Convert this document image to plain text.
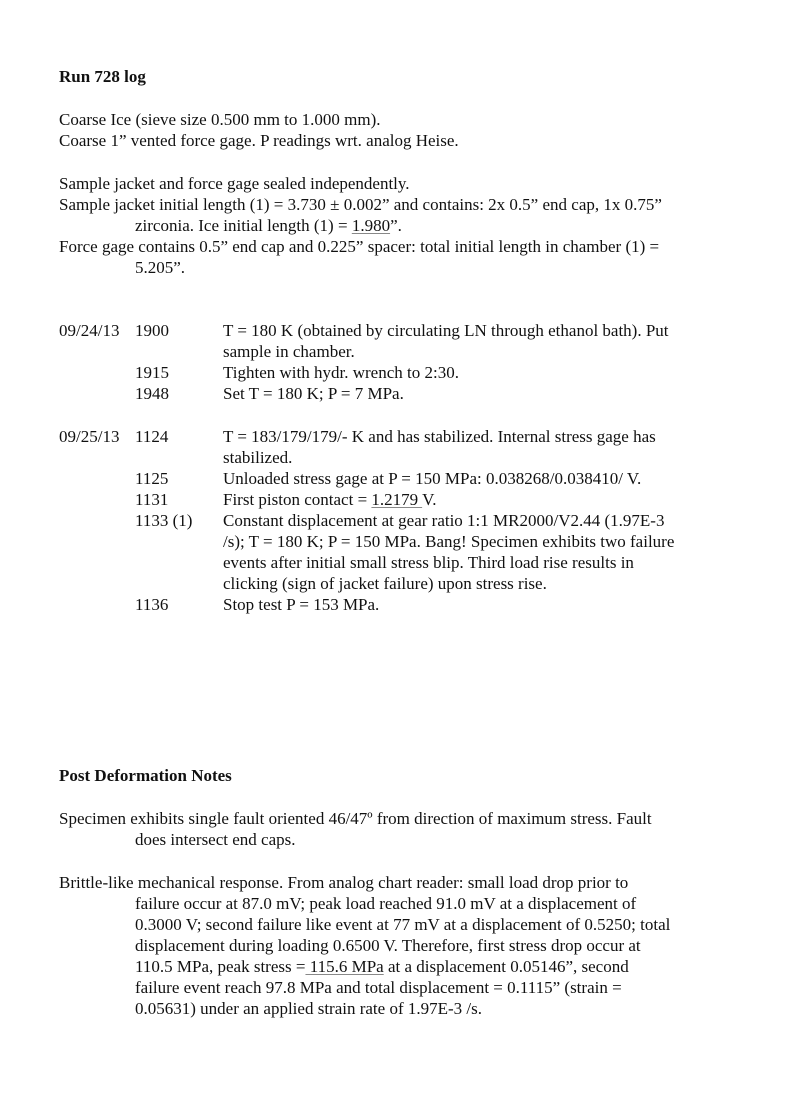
Run 728 log
Coarse Ice (sieve size 0.500 mm to 1.000 mm).
Coarse 1” vented force gage. P readings wrt. analog Heise.
Sample jacket and force gage sealed independently.
Sample jacket initial length (1) = 3.730 ± 0.002” and contains: 2x 0.5” end cap, 1x 0.75”
zirconia. Ice initial length (1) = 1.980”.
Force gage contains 0.5” end cap and 0.225” spacer: total initial length in chamber (1) =
5.205”.
09/24/13 1900	T = 180 K (obtained by circulating LN through ethanol bath). Put
sample in chamber.
1915	Tighten with hydr. wrench to 2:30.
1948	Set T = 180 K; P = 7 MPa.
09/25/13 1124	T = 183/179/179/- K and has stabilized. Internal stress gage has
stabilized.
1125	Unloaded stress gage at P = 150 MPa: 0.038268/0.038410/ V.
1131	First piston contact = 1.2179 V.
1133 (1) Constant displacement at gear ratio 1:1 MR2000/V2.44 (1.97E-3
/s); T = 180 K; P = 150 MPa. Bang! Specimen exhibits two failure
events after initial small stress blip. Third load rise results in
clicking (sign of jacket failure) upon stress rise.
1136	Stop test P = 153 MPa.
Post Deformation Notes
Specimen exhibits single fault oriented 46/47º from direction of maximum stress. Fault
does intersect end caps.
Brittle-like mechanical response. From analog chart reader: small load drop prior to
failure occur at 87.0 mV; peak load reached 91.0 mV at a displacement of
0.3000 V; second failure like event at 77 mV at a displacement of 0.5250; total
displacement during loading 0.6500 V. Therefore, first stress drop occur at
110.5 MPa, peak stress = 115.6 MPa at a displacement 0.05146”, second
failure event reach 97.8 MPa and total displacement = 0.1115” (strain =
0.05631) under an applied strain rate of 1.97E-3 /s.
